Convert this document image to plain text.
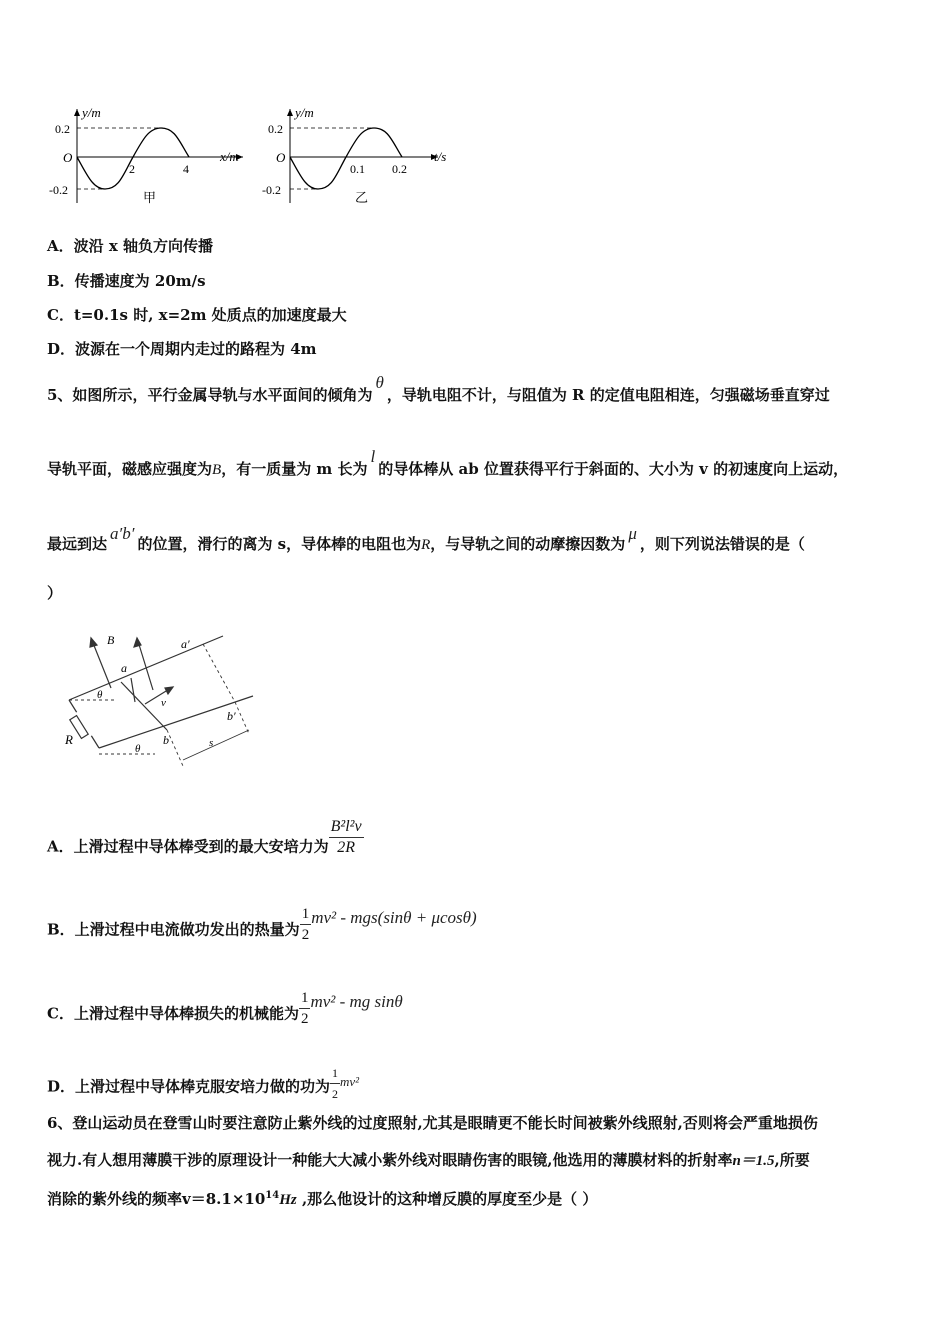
y/m
x/m
O
0.2
-0.2
2	4
甲
y/m
t/s
O
0.2
-0.2
0.1 0.2
乙
A．波沿 x 轴负方向传播
B．传播速度为 20m/s
C．t=0.1s 时, x=2m 处质点的加速度最大
D．波源在一个周期内走过的路程为 4m
5、如图所示，平行金属导轨与水平面间的倾角为θ，导轨电阻不计，与阻值为 R 的定值电阻相连，匀强磁场垂直穿过
导轨平面，磁感应强度为B，有一质量为 m 长为l的导体棒从 ab 位置获得平行于斜面的、大小为 v 的初速度向上运动，
最远到达a′b′的位置，滑行的离为 s，导体棒的电阻也为R，与导轨之间的动摩擦因数为μ，则下列说法错误的是（
）
B
a
a′
θ
v
b′
R
θ
b	s
A．上滑过程中导体棒受到的最大安培力为 $\frac{\text{B²l²v}}{2R}$
B．上滑过程中电流做功发出的热量为 $\frac{1}{2} mv^2 - mgs(\sin\theta + \mu\cos\theta)$
C．上滑过程中导体棒损失的机械能为 $\frac{1}{2} mv^2$ - mg sinθ
D．上滑过程中导体棒克服安培力做的功为 $\frac{1}{2} mv^2$
6、登山运动员在登雪山时要注意防止紫外线的过度照射,尤其是眼睛更不能长时间被紫外线照射,否则将会严重地损伤
视力.有人想用薄膜干涉的原理设计一种能大大减小紫外线对眼睛伤害的眼镜,他选用的薄膜材料的折射率n＝1.5,所要
消除的紫外线的频率$v=8.1\times 10^{14}Hz$ ,那么他设计的这种增反膜的厚度至少是（ ）
